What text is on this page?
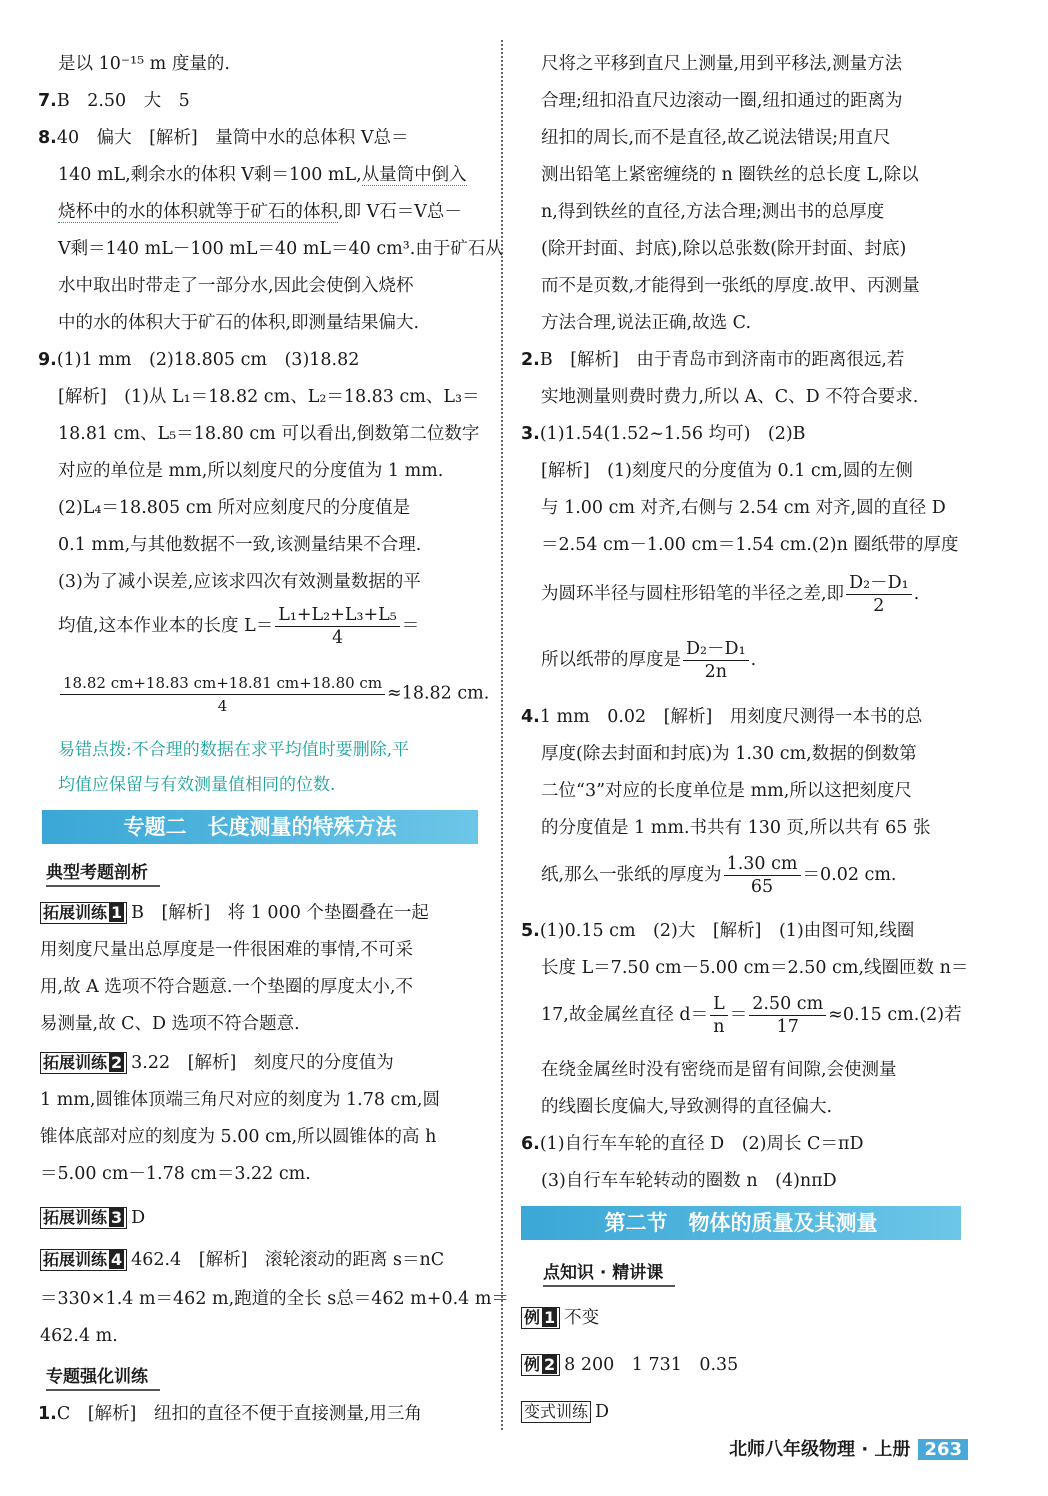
是以 10⁻¹⁵ m 度量的.
7.B　2.50　大　5
8.40　偏大　[解析]　量筒中水的总体积 V总＝
140 mL,剩余水的体积 V剩＝100 mL,从量筒中倒入
烧杯中的水的体积就等于矿石的体积,即 V石＝V总－
V剩＝140 mL－100 mL＝40 mL＝40 cm³.由于矿石从
水中取出时带走了一部分水,因此会使倒入烧杯
中的水的体积大于矿石的体积,即测量结果偏大.
9.(1)1 mm　(2)18.805 cm　(3)18.82
[解析]　(1)从 L₁＝18.82 cm、L₂＝18.83 cm、L₃＝
18.81 cm、L₅＝18.80 cm 可以看出,倒数第二位数字
对应的单位是 mm,所以刻度尺的分度值为 1 mm.
(2)L₄＝18.805 cm 所对应刻度尺的分度值是
0.1 mm,与其他数据不一致,该测量结果不合理.
(3)为了减小误差,应该求四次有效测量数据的平
均值,这本作业本的长度 $L= \frac{\text{L₁+L₂+L₃+L₅}}{4}$ ＝
$\frac{18.82 cm+18.83 cm+18.81 cm+18.80 cm}{4} \approx 18.82$ cm.
易错点拨:不合理的数据在求平均值时要删除,平
均值应保留与有效测量值相同的位数.
专题二　长度测量的特殊方法
典型考题剖析
拓展训练 1 B　[解析]　将 1 000 个垫圈叠在一起
用刻度尺量出总厚度是一件很困难的事情,不可采
用,故 A 选项不符合题意.一个垫圈的厚度太小,不
易测量,故 C、D 选项不符合题意.
拓展训练 2 3.22　[解析]　刻度尺的分度值为
1 mm,圆锥体顶端三角尺对应的刻度为 1.78 cm,圆
锥体底部对应的刻度为 5.00 cm,所以圆锥体的高 h
＝5.00 cm－1.78 cm＝3.22 cm.
拓展训练 3 D
拓展训练 4 462.4　[解析]　滚轮滚动的距离 s＝nC
＝330×1.4 m＝462 m,跑道的全长 s总＝462 m+0.4 m＝
462.4 m.
专题强化训练
1.C　[解析]　纽扣的直径不便于直接测量,用三角
尺将之平移到直尺上测量,用到平移法,测量方法
合理;纽扣沿直尺边滚动一圈,纽扣通过的距离为
纽扣的周长,而不是直径,故乙说法错误;用直尺
测出铅笔上紧密缠绕的 n 圈铁丝的总长度 L,除以
n,得到铁丝的直径,方法合理;测出书的总厚度
(除开封面、封底),除以总张数(除开封面、封底)
而不是页数,才能得到一张纸的厚度.故甲、丙测量
方法合理,说法正确,故选 C.
2.B　[解析]　由于青岛市到济南市的距离很远,若
实地测量则费时费力,所以 A、C、D 不符合要求.
3.(1)1.54(1.52~1.56 均可)　(2)B
[解析]　(1)刻度尺的分度值为 0.1 cm,圆的左侧
与 1.00 cm 对齐,右侧与 2.54 cm 对齐,圆的直径 D
＝2.54 cm－1.00 cm＝1.54 cm.(2)n 圈纸带的厚度
为圆环半径与圆柱形铅笔的半径之差,即 $\frac{\text{D₂－D₁}}{2}$ .
所以纸带的厚度是 $\frac{\text{D₂－D₁}}{2n}$ .
4.1 mm　0.02　[解析]　用刻度尺测得一本书的总
厚度(除去封面和封底)为 1.30 cm,数据的倒数第
二位“3”对应的长度单位是 mm,所以这把刻度尺
的分度值是 1 mm.书共有 130 页,所以共有 65 张
纸,那么一张纸的厚度为 $\frac{1.30 cm}{65} =0.02$ cm.
5.(1)0.15 cm　(2)大　[解析]　(1)由图可知,线圈
长度 L＝7.50 cm－5.00 cm＝2.50 cm,线圈匝数 n＝
17,故金属丝直径 $d= \frac{L}{n} = \frac{2.50 cm}{17} \approx 0.15$ cm.(2)若
在绕金属丝时没有密绕而是留有间隙,会使测量
的线圈长度偏大,导致测得的直径偏大.
6.(1)自行车车轮的直径 D　(2)周长 C＝πD
(3)自行车车轮转动的圈数 n　(4)nπD
第二节　物体的质量及其测量
点知识 · 精讲课
例 1 不变
例 2 8 200　1 731　0.35
变式训练 D
北师八年级物理 · 上册 263
